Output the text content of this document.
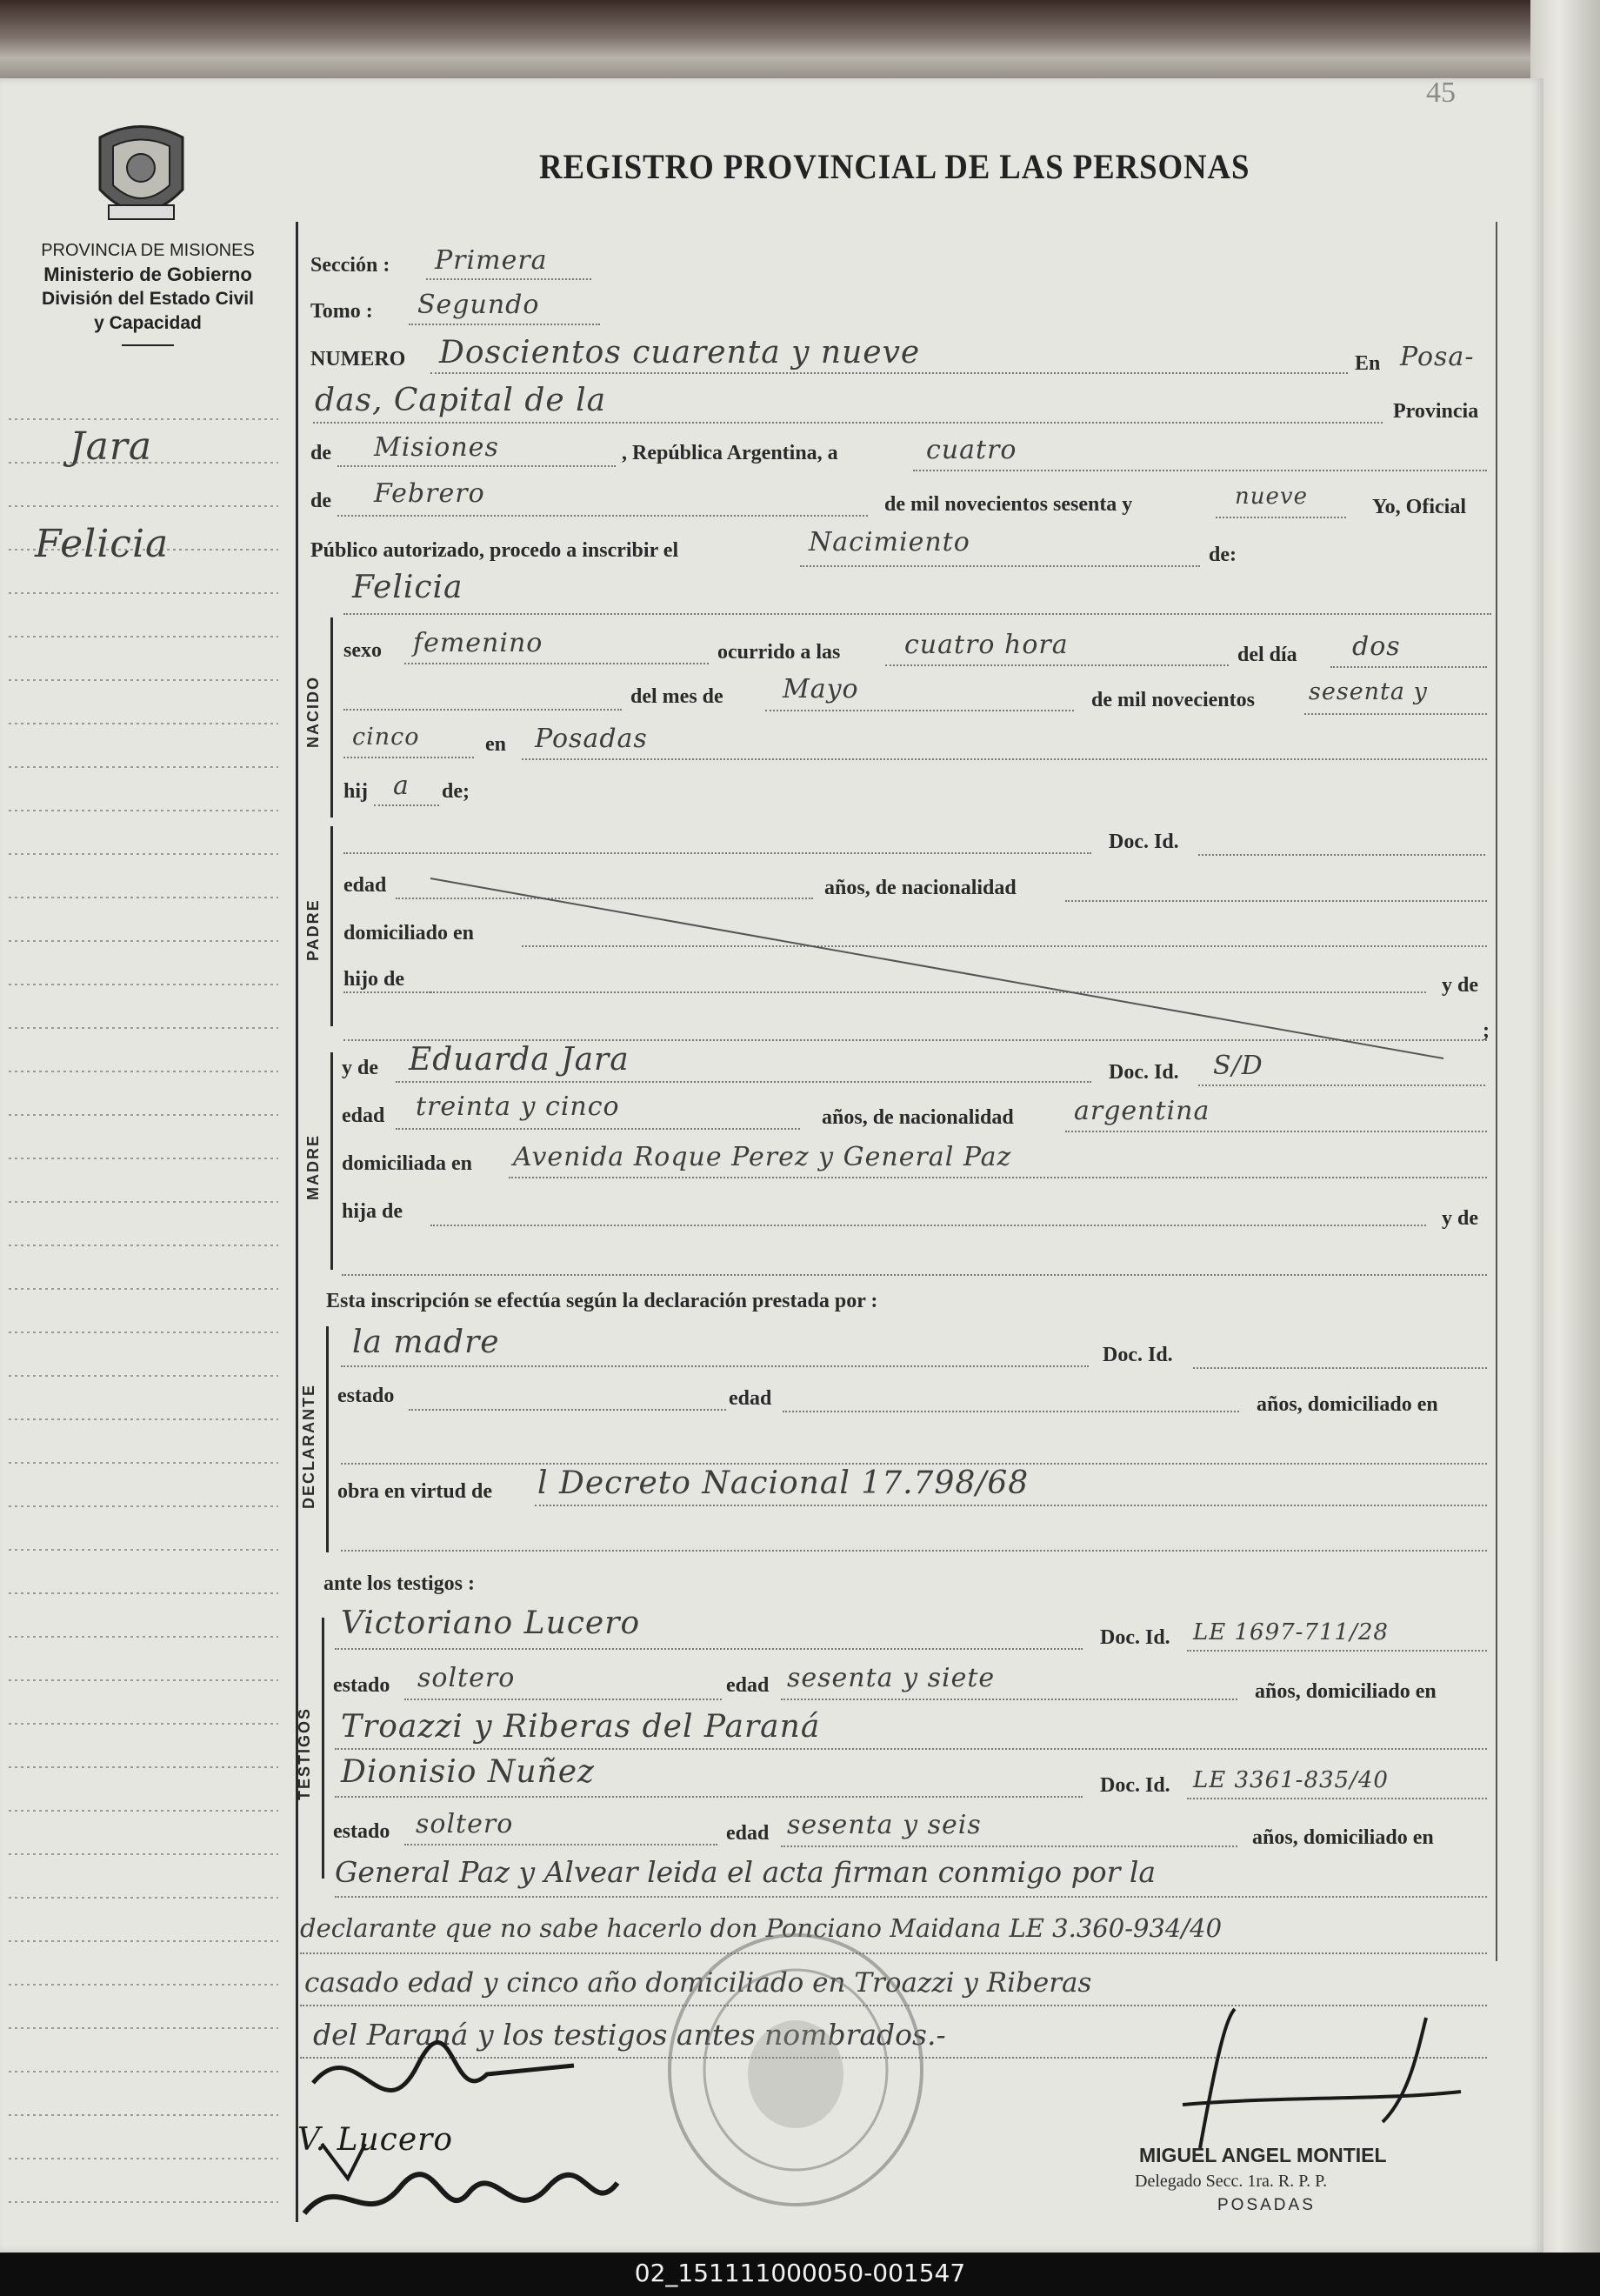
45
PROVINCIA DE MISIONES
Ministerio de Gobierno
División del Estado Civil
y Capacidad
REGISTRO PROVINCIAL DE LAS PERSONAS
Jara
Felicia
NACIDO
PADRE
MADRE
DECLARANTE
TESTIGOS
Sección : Primera
Tomo : Segundo
NUMERO Doscientos cuarenta y nueve	En Posa-
das, Capital de la	Provincia
de Misiones	, República Argentina, a	cuatro
de Febrero	de mil novecientos sesenta y	nueve	Yo, Oficial
Público autorizado, procedo a inscribir el	Nacimiento	de:
Felicia
sexo femenino	ocurrido a las cuatro hora	del día dos
del mes de Mayo	de mil novecientos sesenta y
cinco	en Posadas
hij a de;
Doc. Id.
edad	años, de nacionalidad
domiciliado en
hijo de	y de
;
y de Eduarda Jara	Doc. Id. S/D
edad treinta y cinco	años, de nacionalidad argentina
domiciliada en Avenida Roque Perez y General Paz
hija de	y de
Esta inscripción se efectúa según la declaración prestada por :
la madre	Doc. Id.
estado	edad	años, domiciliado en
obra en virtud de l Decreto Nacional 17.798/68
ante los testigos :
Victoriano Lucero	Doc. Id. LE 1697-711/28
estado soltero	edad sesenta y siete	años, domiciliado en
Troazzi y Riberas del Paraná
Dionisio Nuñez	Doc. Id. LE 3361-835/40
estado soltero	edad sesenta y seis	años, domiciliado en
General Paz y Alvear leida el acta firman conmigo por la
declarante que no sabe hacerlo don Ponciano Maidana LE 3.360-934/40
casado edad y cinco año domiciliado en Troazzi y Riberas
del Paraná y los testigos antes nombrados.-
V. Lucero	MIGUEL ANGEL MONTIEL
Delegado Secc. 1ra. R. P. P.
POSADAS
02_151111000050-001547
